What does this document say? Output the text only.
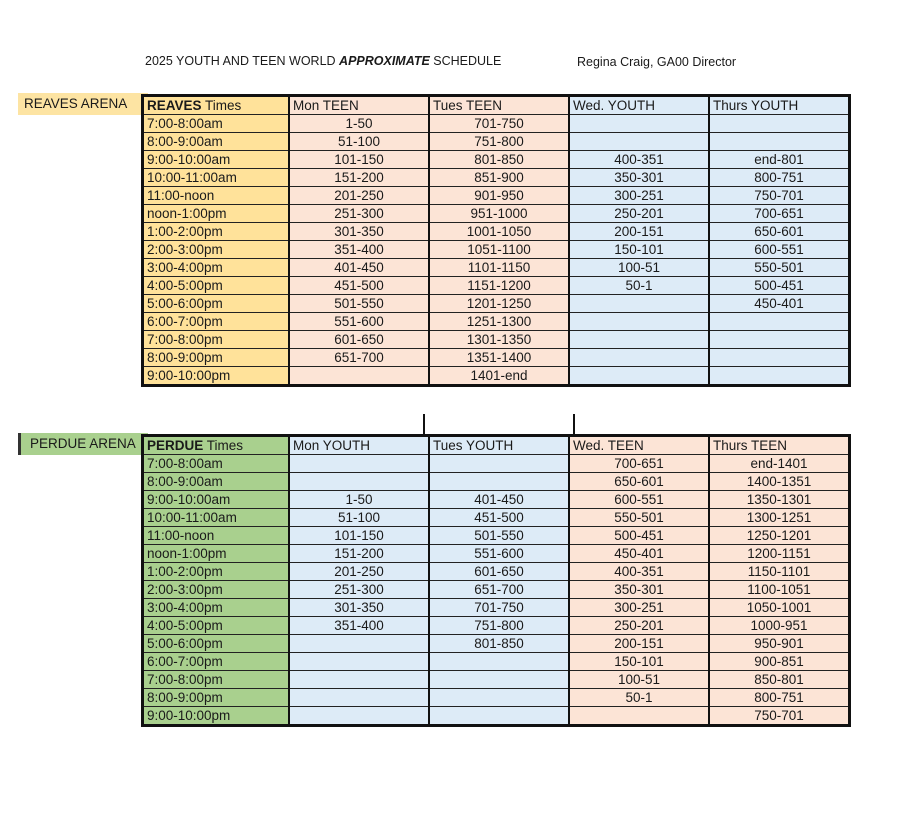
2025 YOUTH AND TEEN WORLD APPROXIMATE SCHEDULE	Regina Craig, GA00 Director
REAVES ARENA
PERDUE ARENA
REAVES Times	Mon TEEN	Tues TEEN	Wed. YOUTH	Thurs YOUTH
7:00-8:00am	1-50	701-750		
8:00-9:00am	51-100	751-800		
9:00-10:00am	101-150	801-850	400-351	end-801
10:00-11:00am	151-200	851-900	350-301	800-751
11:00-noon	201-250	901-950	300-251	750-701
noon-1:00pm	251-300	951-1000	250-201	700-651
1:00-2:00pm	301-350	1001-1050	200-151	650-601
2:00-3:00pm	351-400	1051-1100	150-101	600-551
3:00-4:00pm	401-450	1101-1150	100-51	550-501
4:00-5:00pm	451-500	1151-1200	50-1	500-451
5:00-6:00pm	501-550	1201-1250		450-401
6:00-7:00pm	551-600	1251-1300		
7:00-8:00pm	601-650	1301-1350		
8:00-9:00pm	651-700	1351-1400		
9:00-10:00pm		1401-end		
PERDUE Times	Mon YOUTH	Tues YOUTH	Wed. TEEN	Thurs TEEN
7:00-8:00am			700-651	end-1401
8:00-9:00am			650-601	1400-1351
9:00-10:00am	1-50	401-450	600-551	1350-1301
10:00-11:00am	51-100	451-500	550-501	1300-1251
11:00-noon	101-150	501-550	500-451	1250-1201
noon-1:00pm	151-200	551-600	450-401	1200-1151
1:00-2:00pm	201-250	601-650	400-351	1150-1101
2:00-3:00pm	251-300	651-700	350-301	1100-1051
3:00-4:00pm	301-350	701-750	300-251	1050-1001
4:00-5:00pm	351-400	751-800	250-201	1000-951
5:00-6:00pm		801-850	200-151	950-901
6:00-7:00pm			150-101	900-851
7:00-8:00pm			100-51	850-801
8:00-9:00pm			50-1	800-751
9:00-10:00pm				750-701
